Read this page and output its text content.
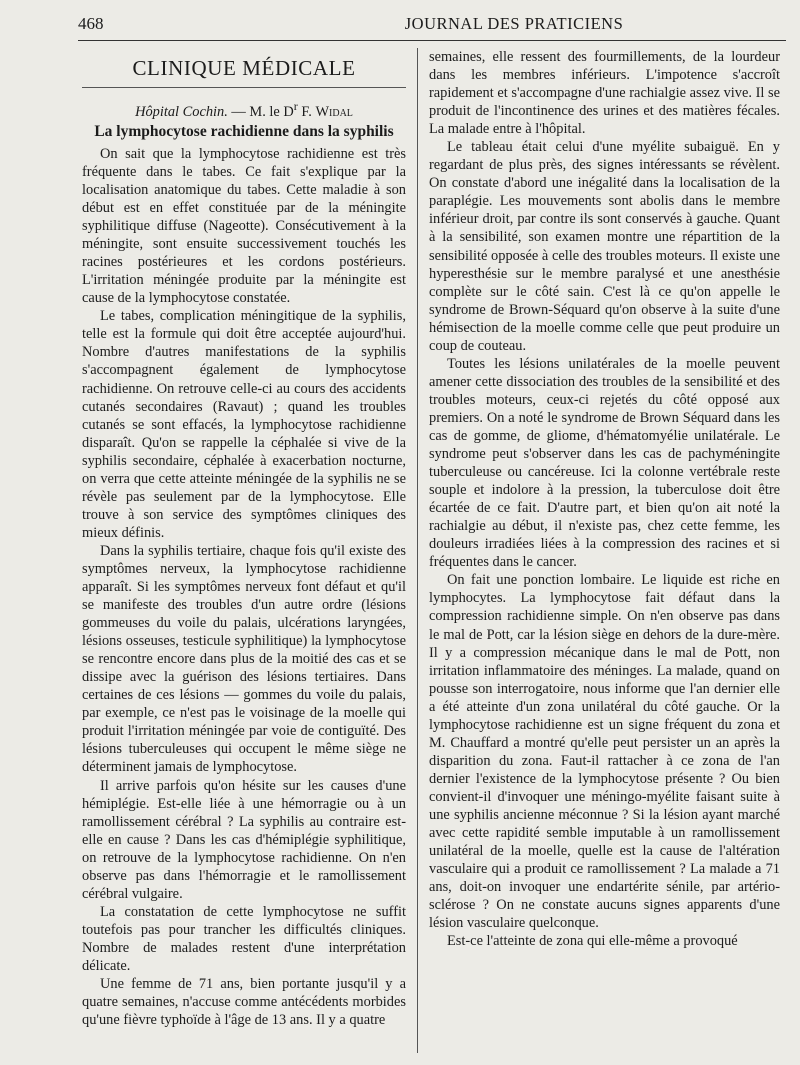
468	JOURNAL DES PRATICIENS
CLINIQUE MÉDICALE
Hôpital Cochin. — M. le $D^r$ F. Widal
La lymphocytose rachidienne dans la syphilis

On sait que la lymphocytose rachidienne est très fréquente dans le tabes. Ce fait s'explique par la localisation anatomique du tabes. Cette maladie à son début est en effet constituée par de la méningite syphilitique diffuse (Nageotte). Consécutivement à la méningite, sont ensuite successivement touchés les racines postérieures et les cordons postérieurs. L'irritation méningée produite par la méningite est cause de la lymphocytose constatée.

Le tabes, complication méningitique de la syphilis, telle est la formule qui doit être acceptée aujourd'hui. Nombre d'autres manifestations de la syphilis s'accompagnent également de lymphocytose rachidienne. On retrouve celle-ci au cours des accidents cutanés secondaires (Ravaut) ; quand les troubles cutanés se sont effacés, la lymphocytose rachidienne disparaît. Qu'on se rappelle la céphalée si vive de la syphilis secondaire, céphalée à exacerbation nocturne, on verra que cette atteinte méningée de la syphilis ne se révèle pas seulement par de la lymphocytose. Elle trouve à son service des symptômes cliniques des mieux définis.

Dans la syphilis tertiaire, chaque fois qu'il existe des symptômes nerveux, la lymphocytose rachidienne apparaît. Si les symptômes nerveux font défaut et qu'il se manifeste des troubles d'un autre ordre (lésions gommeuses du voile du palais, ulcérations laryngées, lésions osseuses, testicule syphilitique) la lymphocytose se rencontre encore dans plus de la moitié des cas et se dissipe avec la guérison des lésions tertiaires. Dans certaines de ces lésions — gommes du voile du palais, par exemple, ce n'est pas le voisinage de la moelle qui produit l'irritation méningée par voie de contiguïté. Des lésions tuberculeuses qui occupent le même siège ne déterminent jamais de lymphocytose.

Il arrive parfois qu'on hésite sur les causes d'une hémiplégie. Est-elle liée à une hémorragie ou à un ramollissement cérébral ? La syphilis au contraire est-elle en cause ? Dans les cas d'hémiplégie syphilitique, on retrouve de la lymphocytose rachidienne. On n'en observe pas dans l'hémorragie et le ramollissement cérébral vulgaire.

La constatation de cette lymphocytose ne suffit toutefois pas pour trancher les difficultés cliniques. Nombre de malades restent d'une interprétation délicate.

Une femme de 71 ans, bien portante jusqu'il y a quatre semaines, n'accuse comme antécédents morbides qu'une fièvre typhoïde à l'âge de 13 ans. Il y a quatre

semaines, elle ressent des fourmillements, de la lourdeur dans les membres inférieurs. L'impotence s'accroît rapidement et s'accompagne d'une rachialgie assez vive. Il se produit de l'incontinence des urines et des matières fécales. La malade entre à l'hôpital.

Le tableau était celui d'une myélite subaiguë. En y regardant de plus près, des signes intéressants se révèlent. On constate d'abord une inégalité dans la localisation de la paraplégie. Les mouvements sont abolis dans le membre inférieur droit, par contre ils sont conservés à gauche. Quant à la sensibilité, son examen montre une répartition de la sensibilité opposée à celle des troubles moteurs. Il existe une hyperesthésie sur le membre paralysé et une anesthésie complète sur le côté sain. C'est là ce qu'on appelle le syndrome de Brown-Séquard qu'on observe à la suite d'une hémisection de la moelle comme celle que peut produire un coup de couteau.

Toutes les lésions unilatérales de la moelle peuvent amener cette dissociation des troubles de la sensibilité et des troubles moteurs, ceux-ci rejetés du côté opposé aux premiers. On a noté le syndrome de Brown Séquard dans les cas de gomme, de gliome, d'hématomyélie unilatérale. Le syndrome peut s'observer dans les cas de pachyméningite tuberculeuse ou cancéreuse. Ici la colonne vertébrale reste souple et indolore à la pression, la tuberculose doit être écartée de ce fait. D'autre part, et bien qu'on ait noté la rachialgie au début, il n'existe pas, chez cette femme, les douleurs irradiées liées à la compression des racines et si fréquentes dans le cancer.

On fait une ponction lombaire. Le liquide est riche en lymphocytes. La lymphocytose fait défaut dans la compression rachidienne simple. On n'en observe pas dans le mal de Pott, car la lésion siège en dehors de la dure-mère. Il y a compression mécanique dans le mal de Pott, non irritation inflammatoire des méninges. La malade, quand on pousse son interrogatoire, nous informe que l'an dernier elle a été atteinte d'un zona unilatéral du côté gauche. Or la lymphocytose rachidienne est un signe fréquent du zona et M. Chauffard a montré qu'elle peut persister un an après la disparition du zona. Faut-il rattacher à ce zona de l'an dernier l'existence de la lymphocytose présente ? Ou bien convient-il d'invoquer une méningo-myélite faisant suite à une syphilis ancienne méconnue ? Si la lésion ayant marché avec cette rapidité semble imputable à un ramollissement unilatéral de la moelle, quelle est la cause de l'altération vasculaire qui a produit ce ramollissement ? La malade a 71 ans, doit-on invoquer une endartérite sénile, par artério-sclérose ? On ne constate aucuns signes apparents d'une lésion vasculaire quelconque.

Est-ce l'atteinte de zona qui elle-même a provoqué
